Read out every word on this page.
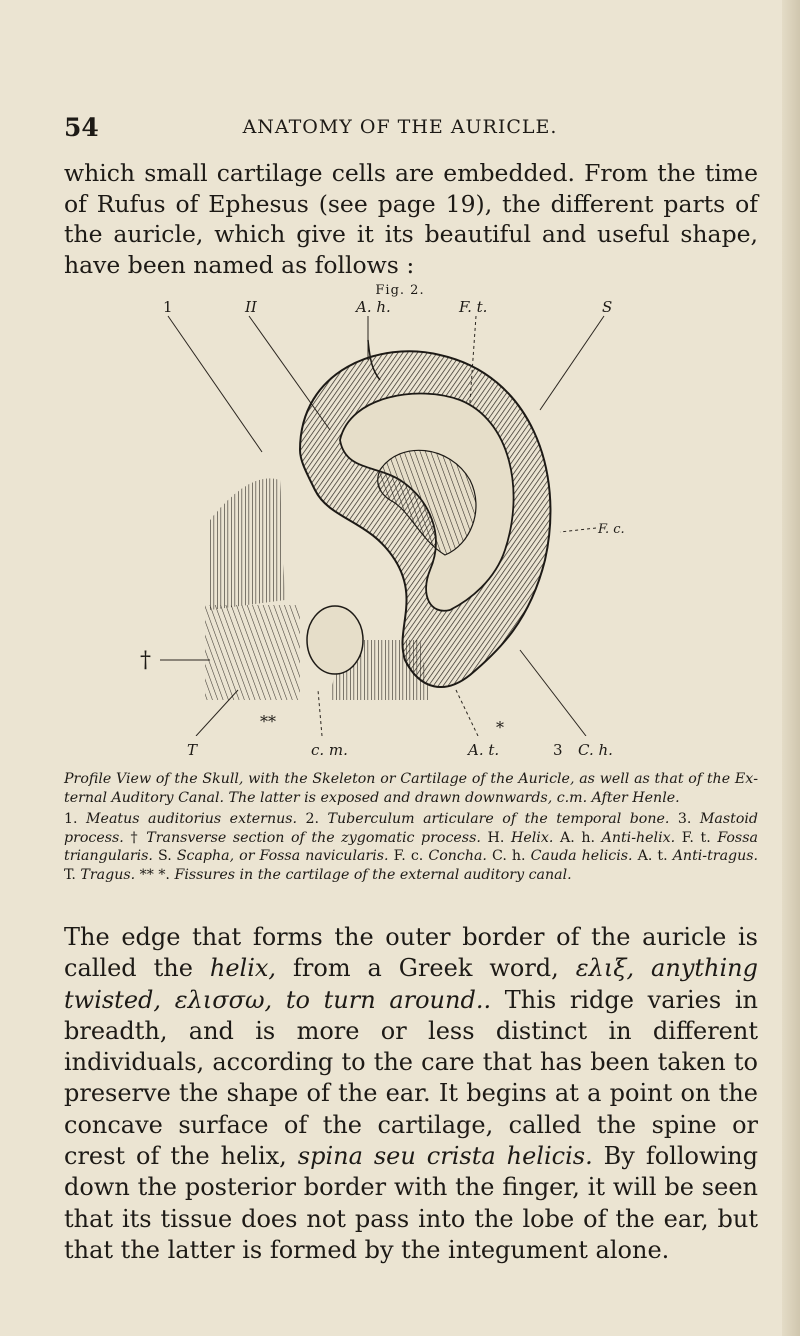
54	ANATOMY OF THE AURICLE.

which small cartilage cells are embedded. From the time of Rufus of Ephesus (see page 19), the different parts of the auricle, which give it its beautiful and useful shape, have been named as follows :

Fig. 2.
1	II	A. h.	F. t.	S
F. c.
†
**	*
T	c. m.	A. t.	3 C. h.

Profile View of the Skull, with the Skeleton or Cartilage of the Auricle, as well as that of the External Auditory Canal. The latter is exposed and drawn downwards, c.m. After Henle.

1. Meatus auditorius externus. 2. Tuberculum articulare of the temporal bone. 3. Mastoid process. † Transverse section of the zygomatic process. H. Helix. A. h. Anti-helix. F. t. Fossa triangularis. S. Scapha, or Fossa navicularis. F. c. Concha. C. h. Cauda helicis. A. t. Anti-tragus. T. Tragus. ** *. Fissures in the cartilage of the external auditory canal.

The edge that forms the outer border of the auricle is called the helix, from a Greek word, ελιξ, anything twisted, ελισσω, to turn around.. This ridge varies in breadth, and is more or less distinct in different individuals, according to the care that has been taken to preserve the shape of the ear. It begins at a point on the concave surface of the cartilage, called the spine or crest of the helix, spina seu crista helicis. By following down the posterior border with the finger, it will be seen that its tissue does not pass into the lobe of the ear, but that the latter is formed by the integument alone.
